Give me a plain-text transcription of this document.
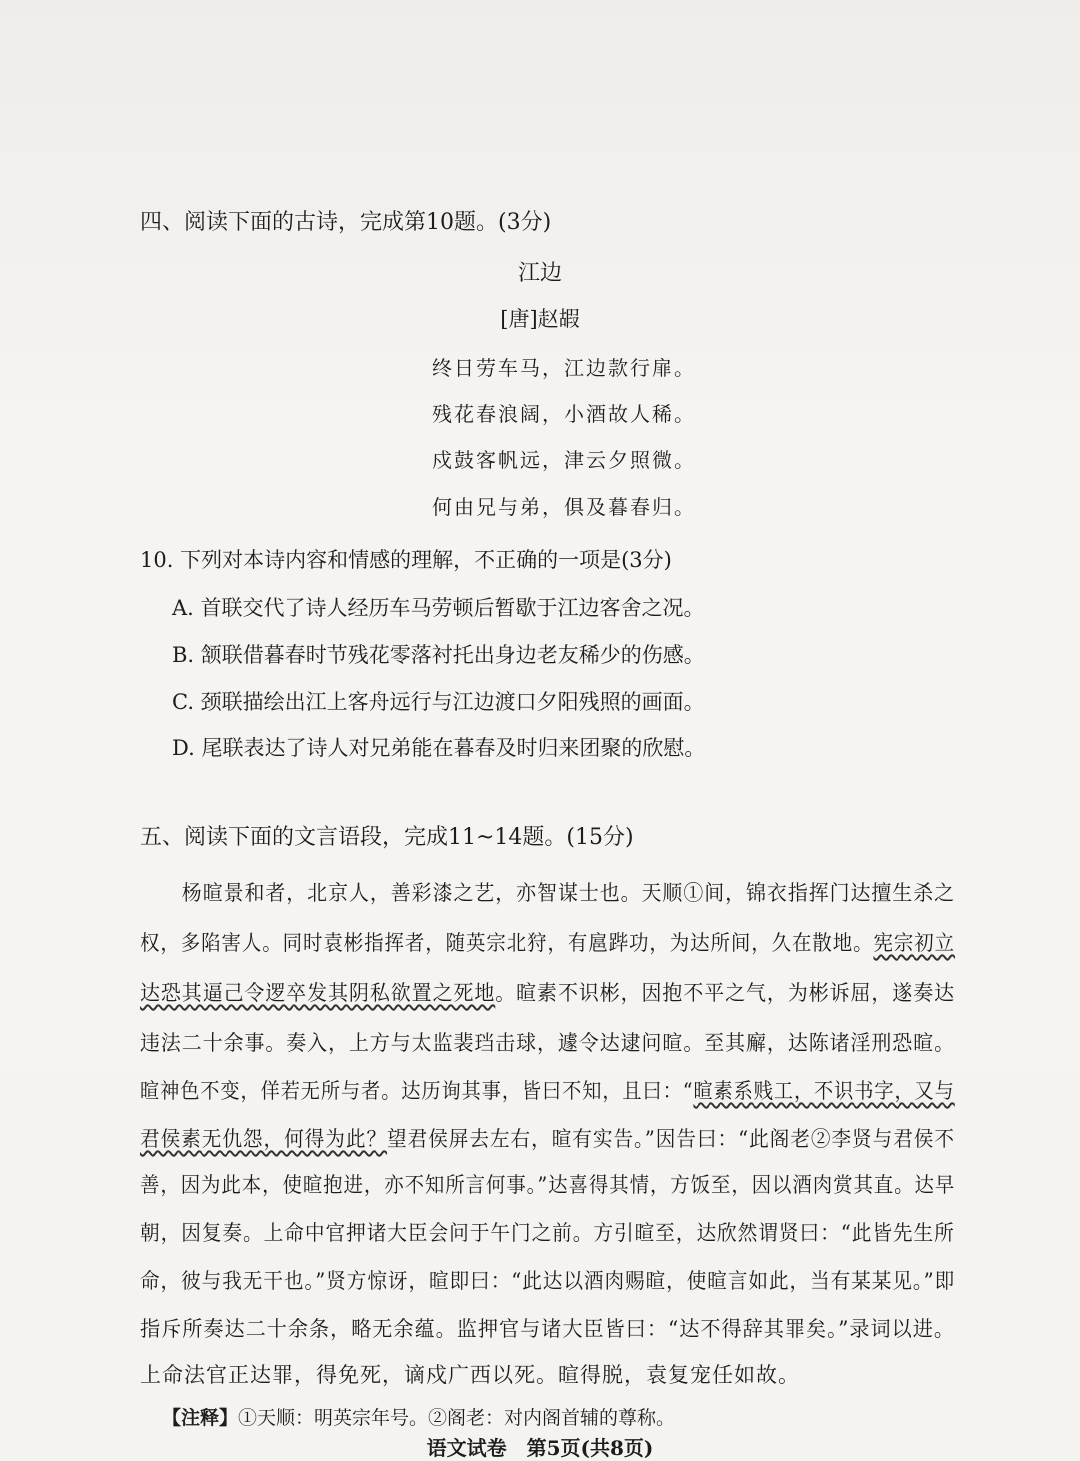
四、阅读下面的古诗，完成第10题。(3分)
江边
[唐]赵嘏
终日劳车马，江边款行扉。
残花春浪阔，小酒故人稀。
戍鼓客帆远，津云夕照微。
何由兄与弟，俱及暮春归。
10. 下列对本诗内容和情感的理解，不正确的一项是(3分)
A. 首联交代了诗人经历车马劳顿后暂歇于江边客舍之况。
B. 颔联借暮春时节残花零落衬托出身边老友稀少的伤感。
C. 颈联描绘出江上客舟远行与江边渡口夕阳残照的画面。
D. 尾联表达了诗人对兄弟能在暮春及时归来团聚的欣慰。
五、阅读下面的文言语段，完成11~14题。(15分)
　　杨暄景和者，北京人，善彩漆之艺，亦智谋士也。天顺①间，锦衣指挥门达擅生杀之
权，多陷害人。同时袁彬指挥者，随英宗北狩，有扈跸功，为达所间，久在散地。宪宗初立
达恐其逼己令逻卒发其阴私欲置之死地。暄素不识彬，因抱不平之气，为彬诉屈，遂奏达
违法二十余事。奏入，上方与太监裴珰击球，遽令达逮问暄。至其廨，达陈诸淫刑恐暄。
暄神色不变，佯若无所与者。达历询其事，皆曰不知，且曰：“暄素系贱工，不识书字，又与
君侯素无仇怨，何得为此？望君侯屏去左右，暄有实告。”因告曰：“此阁老②李贤与君侯不
善，因为此本，使暄抱进，亦不知所言何事。”达喜得其情，方饭至，因以酒肉赏其直。达早
朝，因复奏。上命中官押诸大臣会问于午门之前。方引暄至，达欣然谓贤曰：“此皆先生所
命，彼与我无干也。”贤方惊讶，暄即曰：“此达以酒肉赐暄，使暄言如此，当有某某见。”即
指斥所奏达二十余条，略无余蕴。监押官与诸大臣皆曰：“达不得辞其罪矣。”录词以进。
上命法官正达罪，得免死，谪戍广西以死。暄得脱，袁复宠任如故。
【注释】①天顺：明英宗年号。②阁老：对内阁首辅的尊称。
语文试卷　第5页(共8页)
